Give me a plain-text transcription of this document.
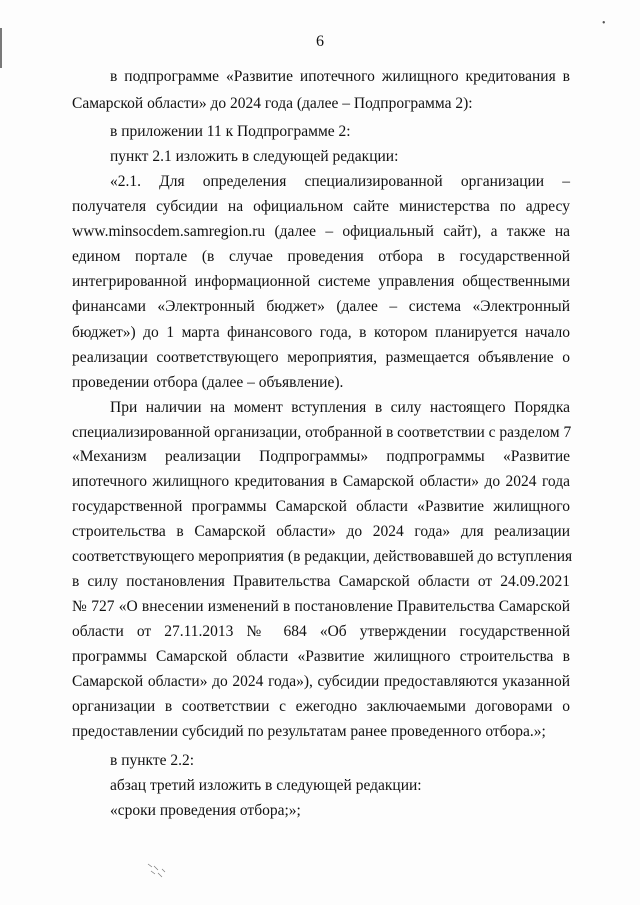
•
6
в подпрограмме «Развитие ипотечного жилищного кредитования в
Самарской области» до 2024 года (далее – Подпрограмма 2):
в приложении 11 к Подпрограмме 2:
пункт 2.1 изложить в следующей редакции:
«2.1. Для определения специализированной организации –
получателя субсидии на официальном сайте министерства по адресу
www.minsocdem.samregion.ru (далее – официальный сайт), а также на
едином портале (в случае проведения отбора в государственной
интегрированной информационной системе управления общественными
финансами «Электронный бюджет» (далее – система «Электронный
бюджет») до 1 марта финансового года, в котором планируется начало
реализации соответствующего мероприятия, размещается объявление о
проведении отбора (далее – объявление).
При наличии на момент вступления в силу настоящего Порядка
специализированной организации, отобранной в соответствии с разделом 7
«Механизм реализации Подпрограммы» подпрограммы «Развитие
ипотечного жилищного кредитования в Самарской области» до 2024 года
государственной программы Самарской области «Развитие жилищного
строительства в Самарской области» до 2024 года» для реализации
соответствующего мероприятия (в редакции, действовавшей до вступления
в силу постановления Правительства Самарской области от 24.09.2021
№ 727 «О внесении изменений в постановление Правительства Самарской
области от 27.11.2013 № 684 «Об утверждении государственной
программы Самарской области «Развитие жилищного строительства в
Самарской области» до 2024 года»), субсидии предоставляются указанной
организации в соответствии с ежегодно заключаемыми договорами о
предоставлении субсидий по результатам ранее проведенного отбора.»;
в пункте 2.2:
абзац третий изложить в следующей редакции:
«сроки проведения отбора;»;
